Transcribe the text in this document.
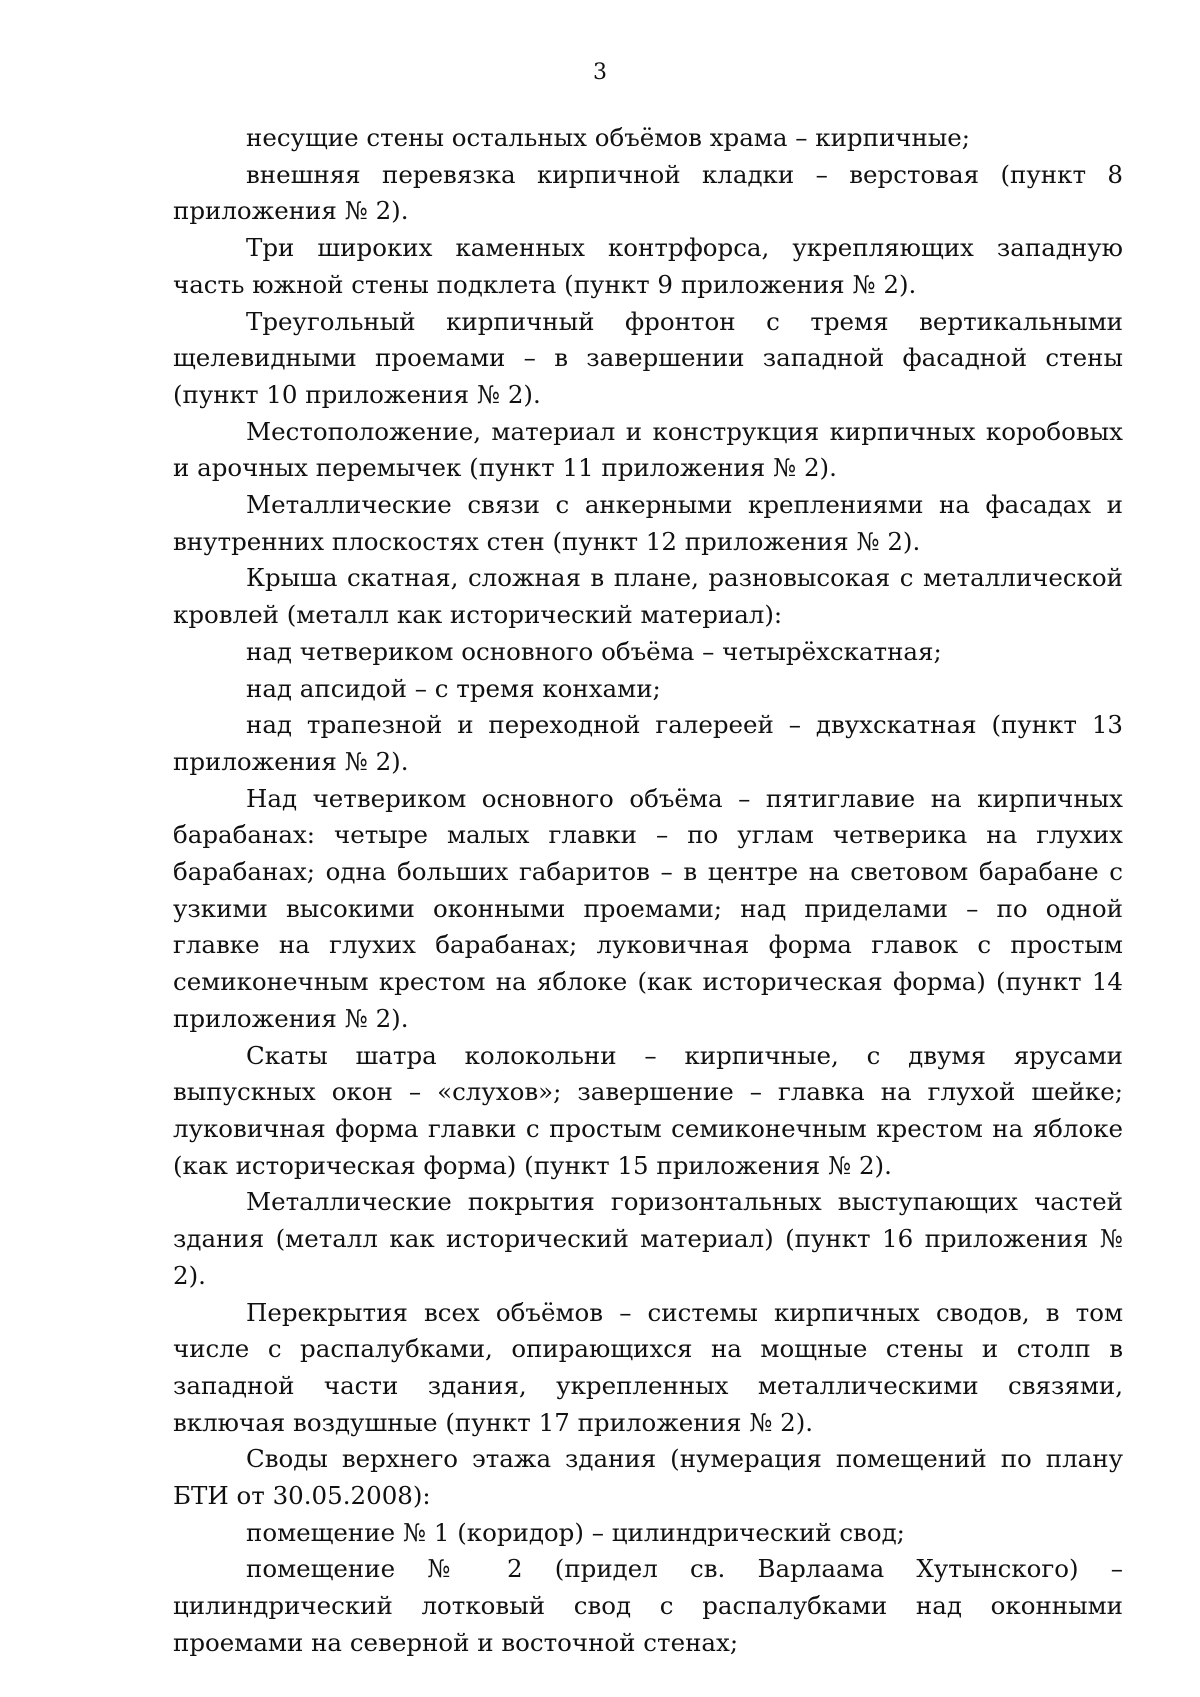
3

несущие стены остальных объёмов храма – кирпичные;

внешняя перевязка кирпичной кладки – верстовая (пункт 8 приложения № 2).

Три широких каменных контрфорса, укрепляющих западную часть южной стены подклета (пункт 9 приложения № 2).

Треугольный кирпичный фронтон с тремя вертикальными щелевидными проемами – в завершении западной фасадной стены (пункт 10 приложения № 2).

Местоположение, материал и конструкция кирпичных коробовых и арочных перемычек (пункт 11 приложения № 2).

Металлические связи с анкерными креплениями на фасадах и внутренних плоскостях стен (пункт 12 приложения № 2).

Крыша скатная, сложная в плане, разновысокая с металлической кровлей (металл как исторический материал):

над четвериком основного объёма – четырёхскатная;

над апсидой – с тремя конхами;

над трапезной и переходной галереей – двухскатная (пункт 13 приложения № 2).

Над четвериком основного объёма – пятиглавие на кирпичных барабанах: четыре малых главки – по углам четверика на глухих барабанах; одна больших габаритов – в центре на световом барабане с узкими высокими оконными проемами; над приделами – по одной главке на глухих барабанах; луковичная форма главок с простым семиконечным крестом на яблоке (как историческая форма) (пункт 14 приложения № 2).

Скаты шатра колокольни – кирпичные, с двумя ярусами выпускных окон – «слухов»; завершение – главка на глухой шейке; луковичная форма главки с простым семиконечным крестом на яблоке (как историческая форма) (пункт 15 приложения № 2).

Металлические покрытия горизонтальных выступающих частей здания (металл как исторический материал) (пункт 16 приложения № 2).

Перекрытия всех объёмов – системы кирпичных сводов, в том числе с распалубками, опирающихся на мощные стены и столп в западной части здания, укрепленных металлическими связями, включая воздушные (пункт 17 приложения № 2).

Своды верхнего этажа здания (нумерация помещений по плану БТИ от 30.05.2008):

помещение № 1 (коридор) – цилиндрический свод;

помещение № 2 (придел св. Варлаама Хутынского) – цилиндрический лотковый свод с распалубками над оконными проемами на северной и восточной стенах;
